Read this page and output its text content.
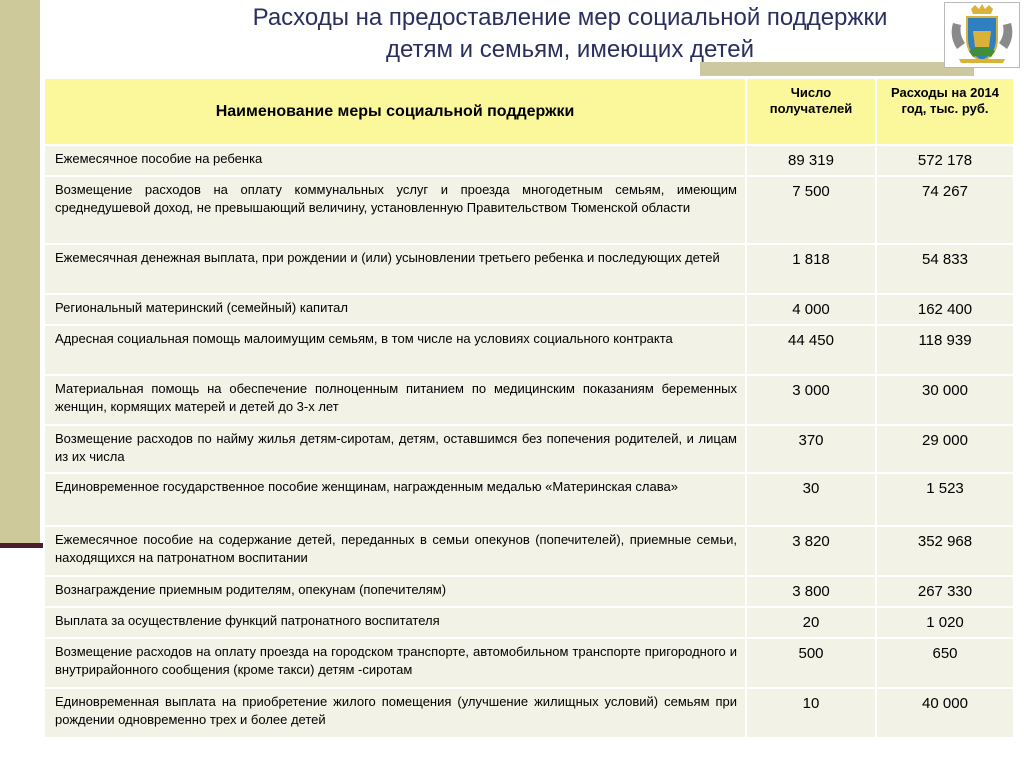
Расходы на предоставление мер социальной поддержки
детям и семьям, имеющих детей
Наименование меры социальной поддержки	Число получателей	Расходы на 2014 год, тыс. руб.
Ежемесячное пособие на ребенка	89 319	572 178
Возмещение расходов на оплату коммунальных услуг и проезда многодетным семьям, имеющим среднедушевой доход, не превышающий величину, установленную Правительством Тюменской области	7 500	74 267
Ежемесячная денежная выплата, при рождении и (или) усыновлении третьего ребенка и последующих детей	1 818	54 833
Региональный материнский (семейный) капитал	4 000	162 400
Адресная социальная помощь малоимущим семьям, в том числе на условиях социального контракта	44 450	118 939
Материальная помощь на обеспечение полноценным питанием по медицинским показаниям беременных женщин, кормящих матерей и детей до 3-х лет	3 000	30 000
Возмещение расходов по найму жилья детям-сиротам, детям, оставшимся без попечения родителей, и лицам из их числа	370	29 000
Единовременное государственное пособие женщинам, награжденным медалью «Материнская слава»	30	1 523
Ежемесячное пособие на содержание детей, переданных в семьи опекунов (попечителей), приемные семьи, находящихся на патронатном воспитании	3 820	352 968
Вознаграждение приемным родителям, опекунам (попечителям)	3 800	267 330
Выплата за осуществление функций патронатного воспитателя	20	1 020
Возмещение расходов на оплату проезда на городском транспорте, автомобильном транспорте пригородного и внутрирайонного сообщения (кроме такси) детям -сиротам	500	650
Единовременная выплата на приобретение жилого помещения (улучшение жилищных условий) семьям при рождении одновременно трех и более детей	10	40 000
